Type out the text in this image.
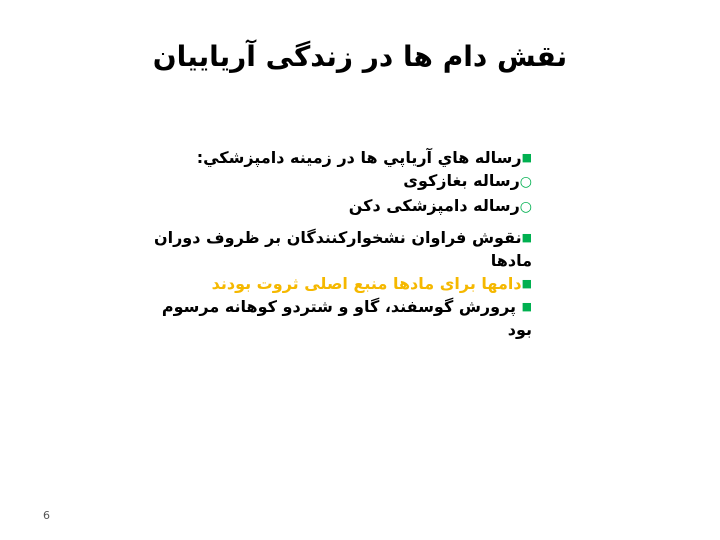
نقش دام ها در زندگی آریاییان

■رساله هاي آرياپي ها در زمينه دامپزشکي:

○رساله بغازکوی

○رساله دامپزشکی دکن

■نقوش فراوان نشخوارکنندگان بر ظروف دوران مادها

■دامها برای مادها منبع اصلی ثروت بودند

■ پرورش گوسفند، گاو و شتردو کوهانه مرسوم بود

6
